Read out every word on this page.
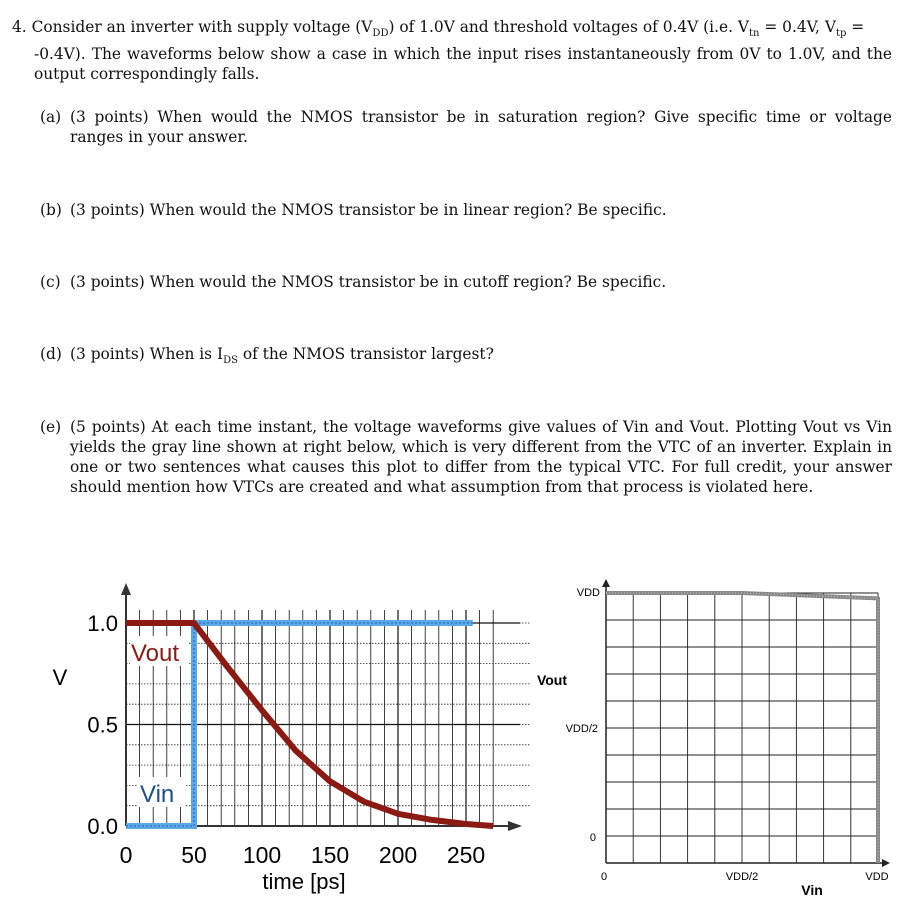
4. Consider an inverter with supply voltage $(V_{DD})$ of 1.0V and threshold voltages of 0.4V (i.e. $V_{tn} = 0.4V$, $V_{tp}$ =
-0.4V). The waveforms below show a case in which the input rises instantaneously from 0V to 1.0V, and the output correspondingly falls.
(a) (3 points) When would the NMOS transistor be in saturation region? Give specific time or voltage ranges in your answer.
(b) (3 points) When would the NMOS transistor be in linear region? Be specific.
(c) (3 points) When would the NMOS transistor be in cutoff region? Be specific.
(d) (3 points) When is $I_{DS}$ of the NMOS transistor largest?
(e) (5 points) At each time instant, the voltage waveforms give values of Vin and Vout. Plotting Vout vs Vin yields the gray line shown at right below, which is very different from the VTC of an inverter. Explain in one or two sentences what causes this plot to differ from the typical VTC. For full credit, your answer should mention how VTCs are created and what assumption from that process is violated here.
Vout
Vin
0.0
0.5
1.0
0 50 100 150 200 250
time [ps]
V
0
VDD/2
VDD
0	VDD/2	VDD
Vin
Vout
